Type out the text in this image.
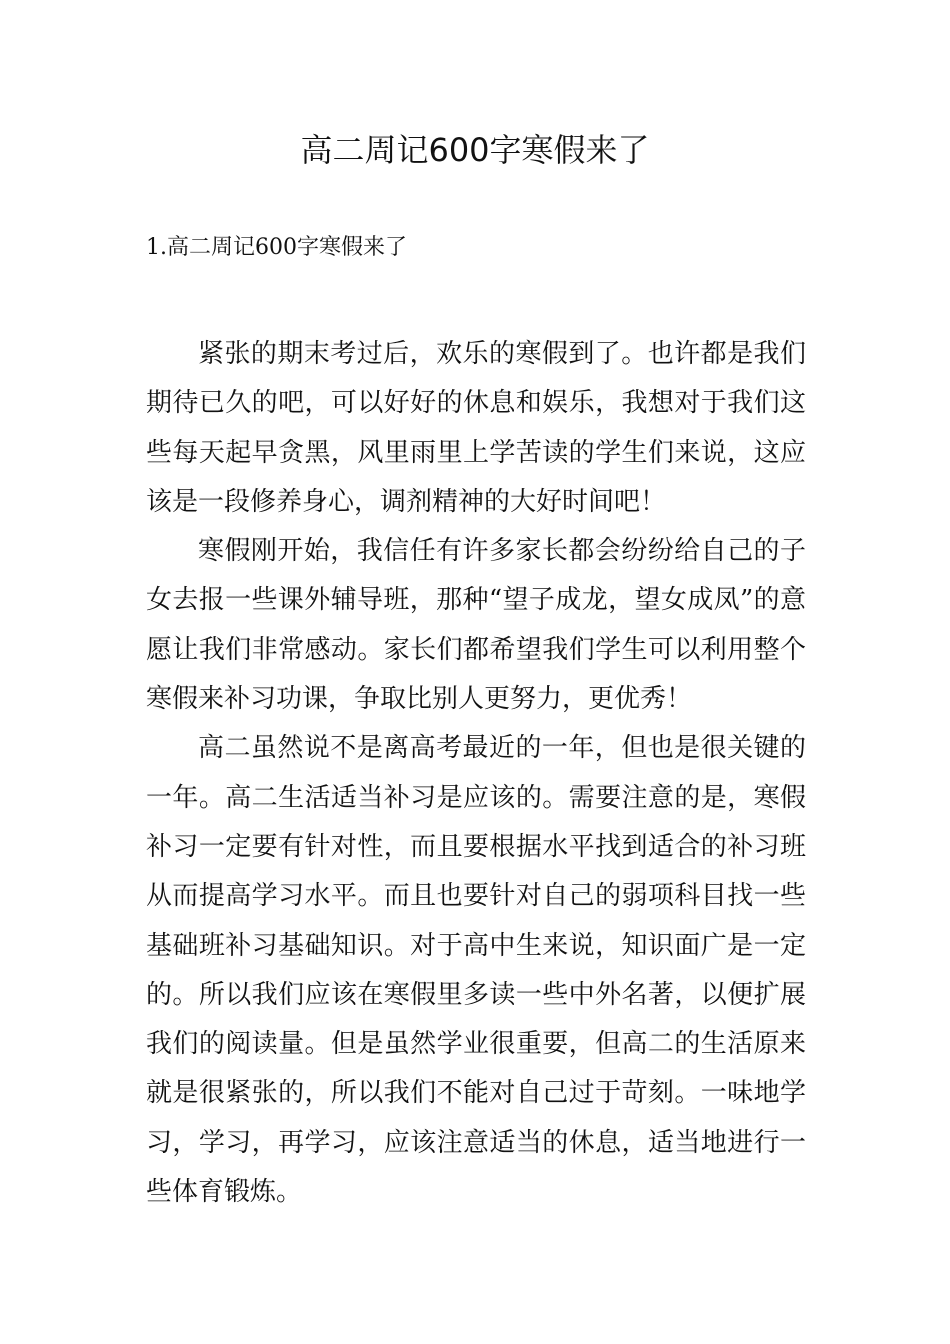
高二周记600字寒假来了
1.高二周记600字寒假来了

紧张的期末考过后，欢乐的寒假到了。也许都是我们期待已久的吧，可以好好的休息和娱乐，我想对于我们这些每天起早贪黑，风里雨里上学苦读的学生们来说，这应该是一段修养身心，调剂精神的大好时间吧！

寒假刚开始，我信任有许多家长都会纷纷给自己的子女去报一些课外辅导班，那种“望子成龙，望女成凤”的意愿让我们非常感动。家长们都希望我们学生可以利用整个寒假来补习功课，争取比别人更努力，更优秀！

高二虽然说不是离高考最近的一年，但也是很关键的一年。高二生活适当补习是应该的。需要注意的是，寒假补习一定要有针对性，而且要根据水平找到适合的补习班从而提高学习水平。而且也要针对自己的弱项科目找一些基础班补习基础知识。对于高中生来说，知识面广是一定的。所以我们应该在寒假里多读一些中外名著，以便扩展我们的阅读量。但是虽然学业很重要，但高二的生活原来就是很紧张的，所以我们不能对自己过于苛刻。一味地学习，学习，再学习，应该注意适当的休息，适当地进行一些体育锻炼。
